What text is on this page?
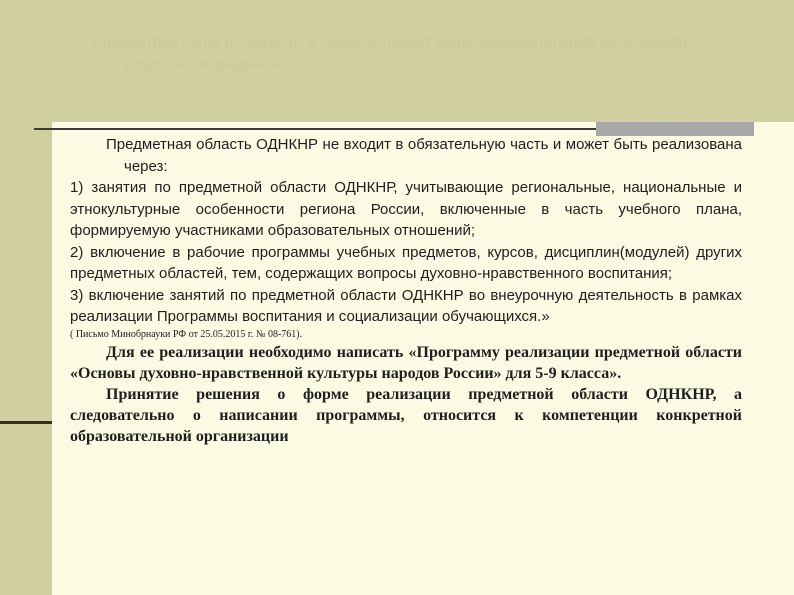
Предметная область ОДНКНР в учебных планах общеобразовательных организаций
... реализации предметной области

Предметная область ОДНКНР не входит в обязательную часть и может быть реализована через:

1) занятия по предметной области ОДНКНР, учитывающие региональные, национальные и этнокультурные особенности региона России, включенные в часть учебного плана, формируемую участниками образовательных отношений;

2) включение в рабочие программы учебных предметов, курсов, дисциплин(модулей) других предметных областей, тем, содержащих вопросы духовно-нравственного воспитания;

3) включение занятий по предметной области ОДНКНР во внеурочную деятельность в рамках реализации Программы воспитания и социализации обучающихся.»

( Письмо Минобрнауки РФ от 25.05.2015 г. № 08-761).

Для ее реализации необходимо написать «Программу реализации предметной области «Основы духовно-нравственной культуры народов России» для 5-9 класса».

Принятие решения о форме реализации предметной области ОДНКНР, а следовательно о написании программы, относится к компетенции конкретной образовательной организации
